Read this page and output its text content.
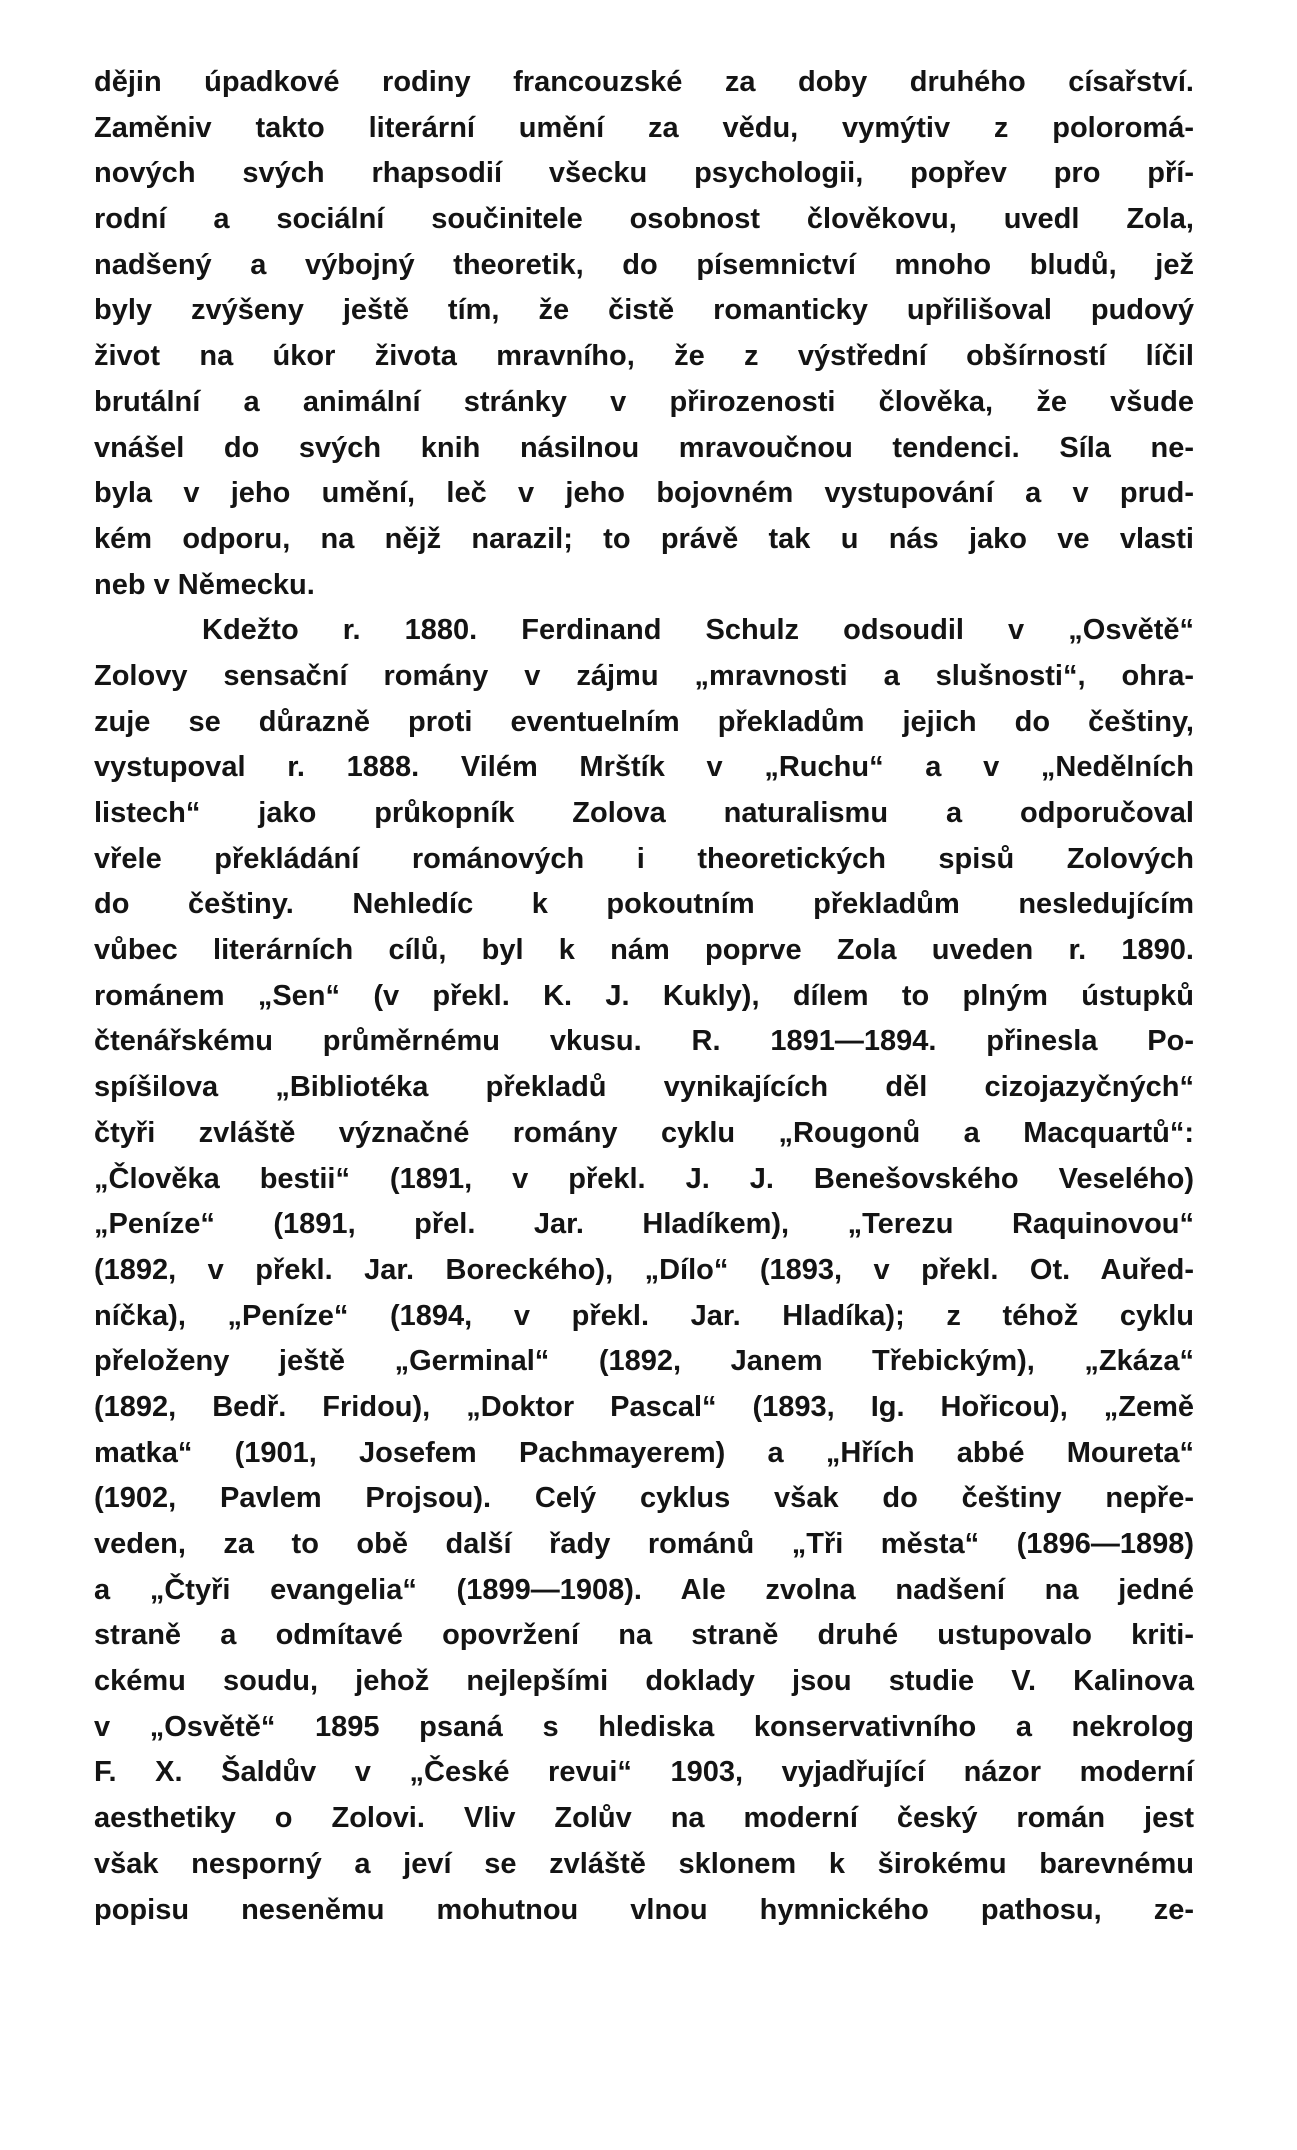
dějin úpadkové rodiny francouzské za doby druhého císařství.
Zaměniv takto literární umění za vědu, vymýtiv z poloromá-
nových svých rhapsodií všecku psychologii, popřev pro pří-
rodní a sociální součinitele osobnost člověkovu, uvedl Zola,
nadšený a výbojný theoretik, do písemnictví mnoho bludů, jež
byly zvýšeny ještě tím, že čistě romanticky upřilišoval pudový
život na úkor života mravního, že z výstřední obšírností líčil
brutální a animální stránky v přirozenosti člověka, že všude
vnášel do svých knih násilnou mravoučnou tendenci. Síla ne-
byla v jeho umění, leč v jeho bojovném vystupování a v prud-
kém odporu, na nějž narazil; to právě tak u nás jako ve vlasti
neb v Německu.
Kdežto r. 1880. Ferdinand Schulz odsoudil v „Osvětě“
Zolovy sensační romány v zájmu „mravnosti a slušnosti“, ohra-
zuje se důrazně proti eventuelním překladům jejich do češtiny,
vystupoval r. 1888. Vilém Mrštík v „Ruchu“ a v „Nedělních
listech“ jako průkopník Zolova naturalismu a odporučoval
vřele překládání románových i theoretických spisů Zolových
do češtiny. Nehledíc k pokoutním překladům nesledujícím
vůbec literárních cílů, byl k nám poprve Zola uveden r. 1890.
románem „Sen“ (v překl. K. J. Kukly), dílem to plným ústupků
čtenářskému průměrnému vkusu. R. 1891—1894. přinesla Po-
spíšilova „Bibliotéka překladů vynikajících děl cizojazyčných“
čtyři zvláště význačné romány cyklu „Rougonů a Macquartů“:
„Člověka bestii“ (1891, v překl. J. J. Benešovského Veselého)
„Peníze“ (1891, přel. Jar. Hladíkem), „Terezu Raquinovou“
(1892, v překl. Jar. Boreckého), „Dílo“ (1893, v překl. Ot. Auřed-
níčka), „Peníze“ (1894, v překl. Jar. Hladíka); z téhož cyklu
přeloženy ještě „Germinal“ (1892, Janem Třebickým), „Zkáza“
(1892, Bedř. Fridou), „Doktor Pascal“ (1893, Ig. Hořicou), „Země
matka“ (1901, Josefem Pachmayerem) a „Hřích abbé Moureta“
(1902, Pavlem Projsou). Celý cyklus však do češtiny nepře-
veden, za to obě další řady románů „Tři města“ (1896—1898)
a „Čtyři evangelia“ (1899—1908). Ale zvolna nadšení na jedné
straně a odmítavé opovržení na straně druhé ustupovalo kriti-
ckému soudu, jehož nejlepšími doklady jsou studie V. Kalinova
v „Osvětě“ 1895 psaná s hlediska konservativního a nekrolog
F. X. Šaldův v „České revui“ 1903, vyjadřující názor moderní
aesthetiky o Zolovi. Vliv Zolův na moderní český román jest
však nesporný a jeví se zvláště sklonem k širokému barevnému
popisu neseněmu mohutnou vlnou hymnického pathosu, ze-
